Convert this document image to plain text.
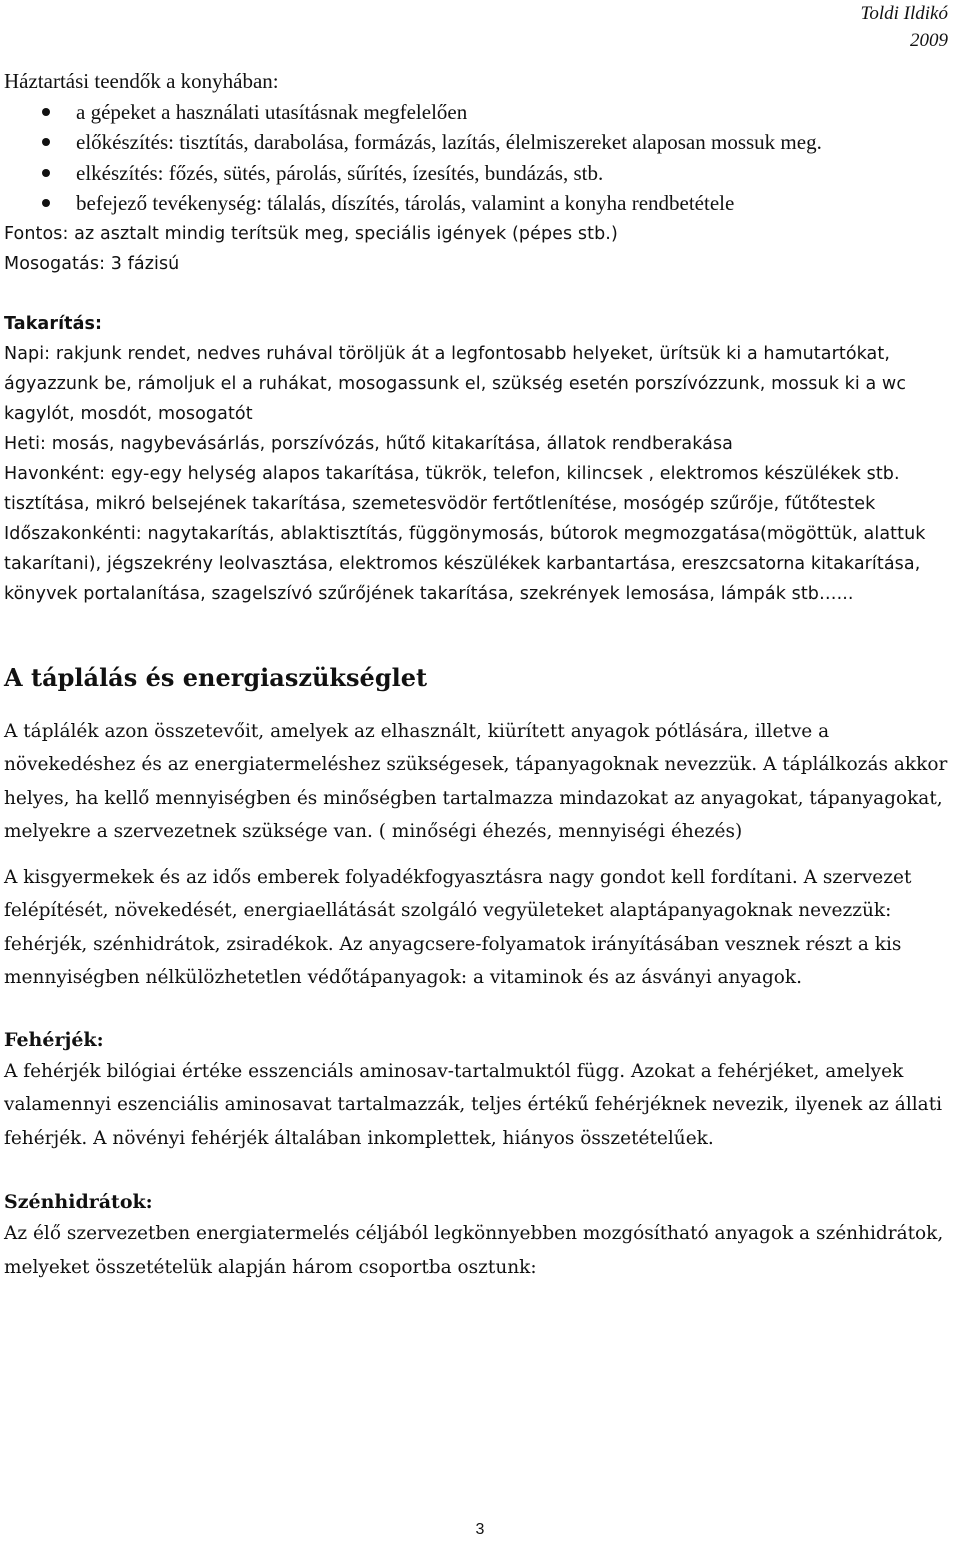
Toldi Ildikó
2009

Háztartási teendők a konyhában:

a gépeket a használati utasításnak megfelelően
előkészítés: tisztítás, darabolása, formázás, lazítás, élelmiszereket alaposan mossuk meg.
elkészítés: főzés, sütés, párolás, sűrítés, ízesítés, bundázás, stb.
befejező tevékenység: tálalás, díszítés, tárolás, valamint a konyha rendbetétele

Fontos: az asztalt mindig terítsük meg, speciális igények (pépes stb.)

Mosogatás: 3 fázisú

Takarítás:

Napi: rakjunk rendet, nedves ruhával töröljük át a legfontosabb helyeket, ürítsük ki a hamutartókat, ágyazzunk be, rámoljuk el a ruhákat, mosogassunk el, szükség esetén porszívózzunk, mossuk ki a wc kagylót, mosdót, mosogatót

Heti: mosás, nagybevásárlás, porszívózás, hűtő kitakarítása, állatok rendberakása

Havonként: egy-egy helység alapos takarítása, tükrök, telefon, kilincsek , elektromos készülékek stb. tisztítása, mikró belsejének takarítása, szemetesvödör fertőtlenítése, mosógép szűrője, fűtőtestek

Időszakonkénti: nagytakarítás, ablaktisztítás, függönymosás, bútorok megmozgatása(mögöttük, alattuk takarítani), jégszekrény leolvasztása, elektromos készülékek karbantartása, ereszcsatorna kitakarítása, könyvek portalanítása, szagelszívó szűrőjének takarítása, szekrények lemosása, lámpák stb…...

A táplálás és energiaszükséglet

A táplálék azon összetevőit, amelyek az elhasznált, kiürített anyagok pótlására, illetve a növekedéshez és az energiatermeléshez szükségesek, tápanyagoknak nevezzük. A táplálkozás akkor helyes, ha kellő mennyiségben és minőségben tartalmazza mindazokat az anyagokat, tápanyagokat, melyekre a szervezetnek szüksége van. ( minőségi éhezés, mennyiségi éhezés)

A kisgyermekek és az idős emberek folyadékfogyasztásra nagy gondot kell fordítani. A szervezet felépítését, növekedését, energiaellátását szolgáló vegyületeket alaptápanyagoknak nevezzük: fehérjék, szénhidrátok, zsiradékok. Az anyagcsere-folyamatok irányításában vesznek részt a kis mennyiségben nélkülözhetetlen védőtápanyagok: a vitaminok és az ásványi anyagok.

Fehérjék:

A fehérjék bilógiai értéke esszenciáls aminosav-tartalmuktól függ. Azokat a fehérjéket, amelyek valamennyi eszenciális aminosavat tartalmazzák, teljes értékű fehérjéknek nevezik, ilyenek az állati fehérjék. A növényi fehérjék általában inkomplettek, hiányos összetételűek.

Szénhidrátok:

Az élő szervezetben energiatermelés céljából legkönnyebben mozgósítható anyagok a szénhidrátok, melyeket összetételük alapján három csoportba osztunk:

3
